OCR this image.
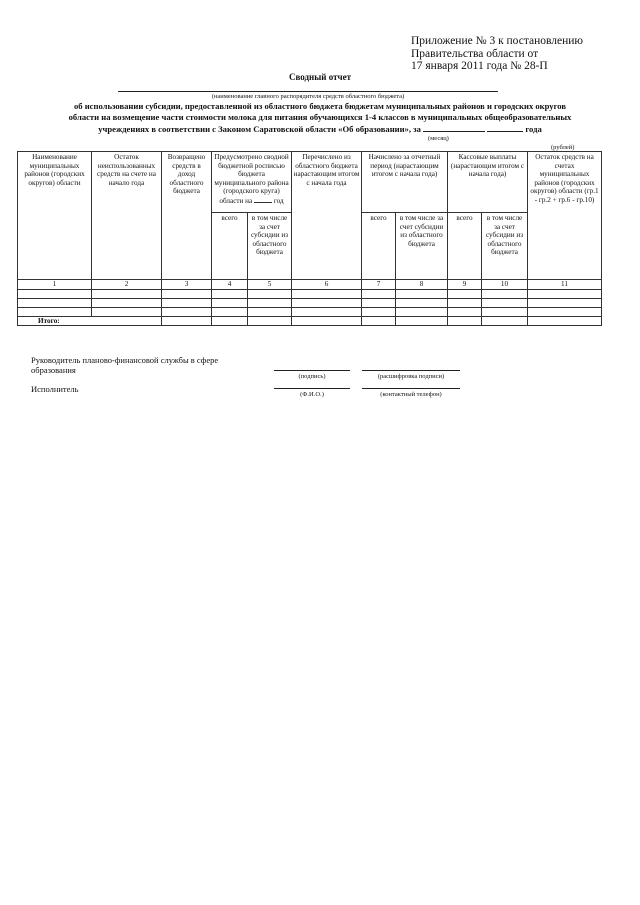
Приложение № 3 к постановлению
Правительства области от
17 января 2011 года № 28-П
Сводный отчет
(наименование главного распорядителя средств областного бюджета)
об использовании субсидии, предоставленной из областного бюджета бюджетам муниципальных районов и городских округов
области на возмещение части стоимости молока для питания обучающихся 1-4 классов в муниципальных общеобразовательных
учреждениях в соответствии с Законом Саратовской области «Об образовании», за	года
(месяц)
(рублей)
Наименование муниципальных районов (городских округов) области	Остаток неиспользованных средств на счете на начало года	Возвращено средств в доход областного бюджета	Предусмотрено сводной бюджетной росписью бюджета муниципального района (городского круга) области на год		Перечислено из областного бюджета нарастающим итогом с начала года	Начислено за отчетный период (нарастающим итогом с начала года)		Кассовые выплаты (нарастающим итогом с начала года)		Остаток средств на счетах муниципальных районов (городских округов) области (гр.1 - гр.2 + гр.6 - гр.10)
			всего	в том числе за счет субсидии из областного бюджета		всего	в том числе за счет субсидии из областного бюджета	всего	в том числе за счет субсидии из областного бюджета	
1	2	3	4	5	6	7	8	9	10	11

Итого:										
Руководитель планово-финансовой службы в сфере образования
(подпись)	(расшифровка подписи)
Исполнитель
(Ф.И.О.)	(контактный телефон)
